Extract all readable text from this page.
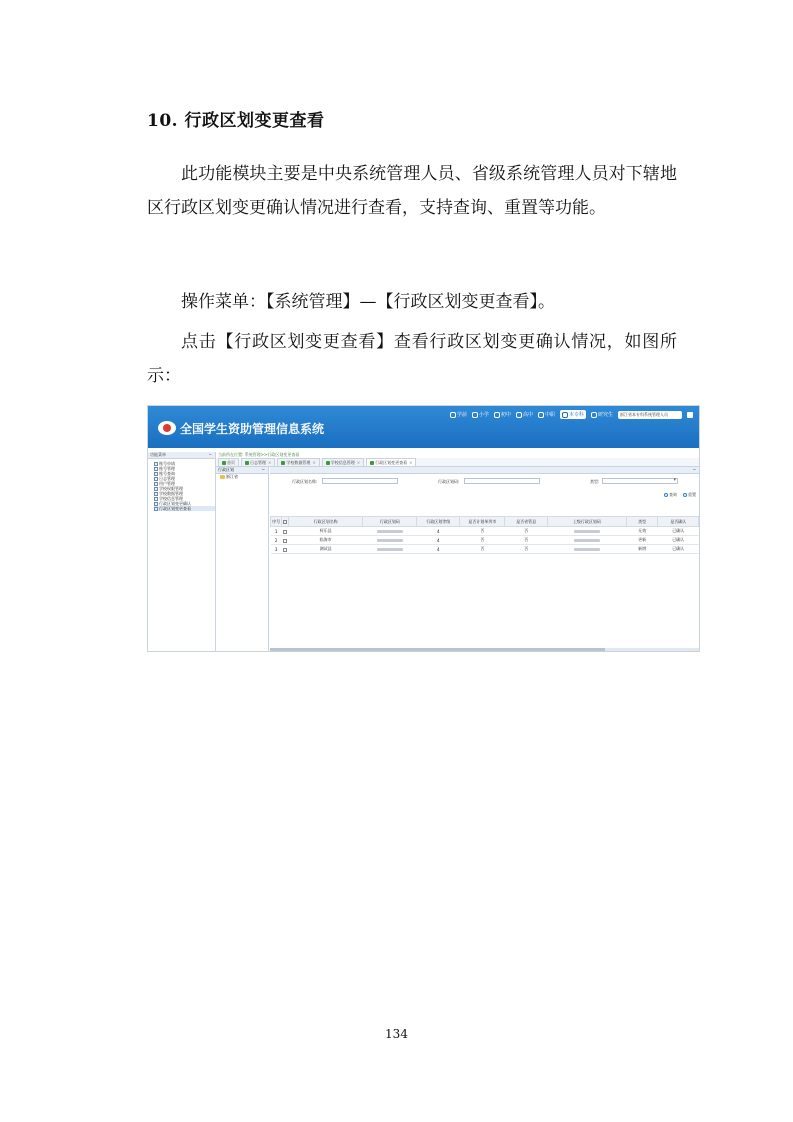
10. 行政区划变更查看

此功能模块主要是中央系统管理人员、省级系统管理人员对下辖地区行政区划变更确认情况进行查看，支持查询、重置等功能。

操作菜单：【系统管理】—【行政区划变更查看】。

点击【行政区划变更查看】查看行政区划变更确认情况，如图所示：

全国学生资助管理信息系统
学前 小学 初中 高中 中职	本专科	研究生	浙江省本专科系统管理人员
功能菜单	−
账号申请
账号管理
账号查询
日志管理
用户管理
学校权限管理
学校数据管理
学校信息管理
行政区划变更确认
行政区划变更查看
当前所在位置: 系统管理>>行政区划变更查看
首页	日志管理 ×	学校数据管理 ×	学校信息管理 ×	行政区划变更查看 ×
行政区划	−
浙江省
−
行政区划名称:	行政区划码:	类型:
▾
查询	重置
序号		行政区划名称	行政区划码	行政区划等级	是否计划单列市	是否省管县	上级行政区划码	类型	是否确认
1		柯乐县		4	否	否		无效	已确认
2		临海市		4	否	否		更新	已确认
3		测试县		4	否	否		新增	已确认
134
